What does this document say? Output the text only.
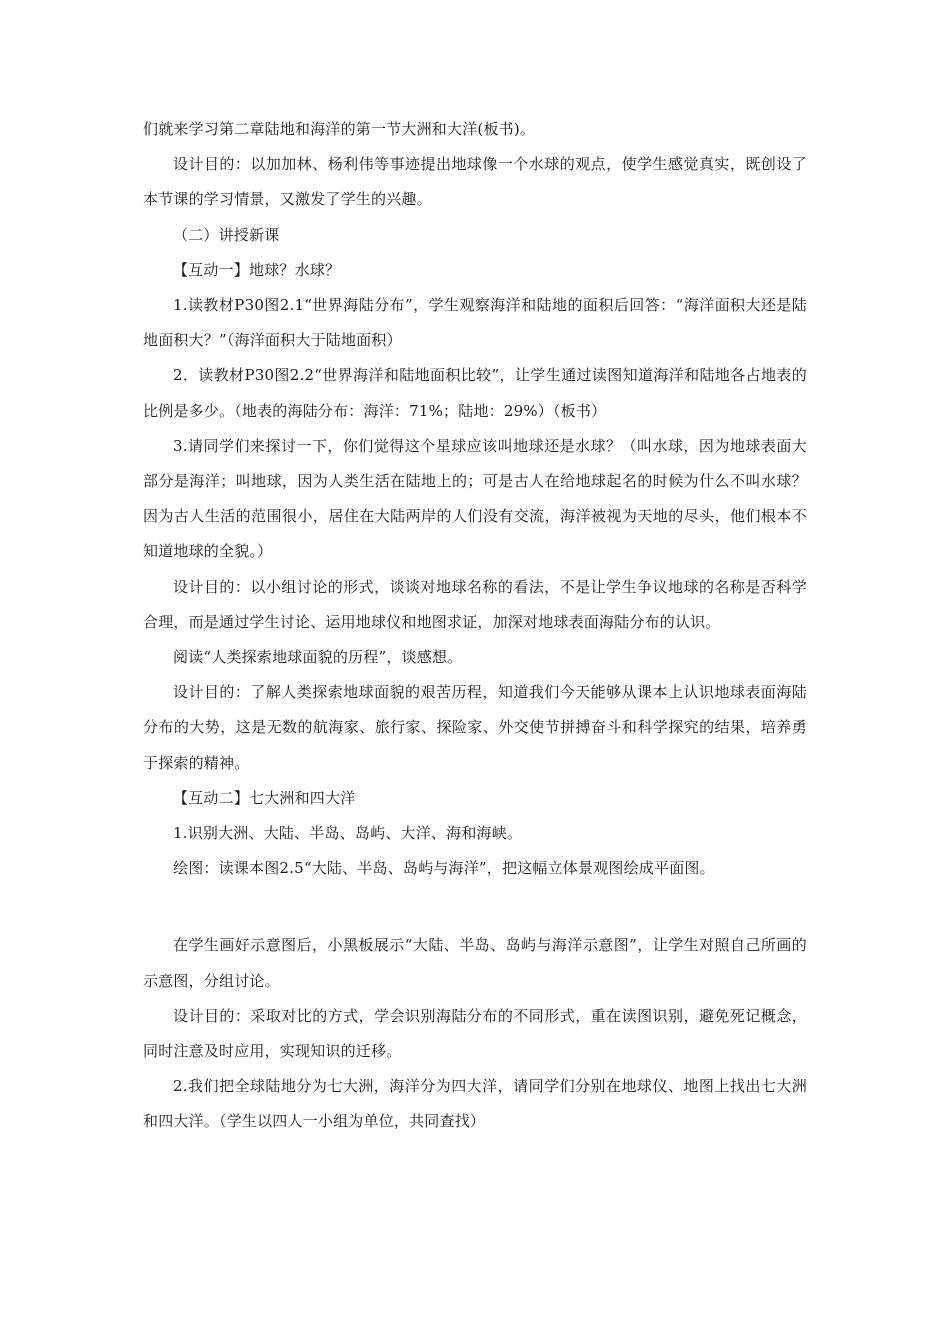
们就来学习第二章陆地和海洋的第一节大洲和大洋(板书)。

设计目的：以加加林、杨利伟等事迹提出地球像一个水球的观点，使学生感觉真实，既创设了本节课的学习情景，又激发了学生的兴趣。

（二）讲授新课

【互动一】地球？水球？

1.读教材P30图2.1“世界海陆分布”，学生观察海洋和陆地的面积后回答：“海洋面积大还是陆地面积大？”（海洋面积大于陆地面积）

2．读教材P30图2.2“世界海洋和陆地面积比较”，让学生通过读图知道海洋和陆地各占地表的比例是多少。（地表的海陆分布：海洋：71%；陆地：29%）（板书）

3.请同学们来探讨一下，你们觉得这个星球应该叫地球还是水球？（叫水球，因为地球表面大部分是海洋；叫地球，因为人类生活在陆地上的；可是古人在给地球起名的时候为什么不叫水球？因为古人生活的范围很小，居住在大陆两岸的人们没有交流，海洋被视为天地的尽头，他们根本不知道地球的全貌。）

设计目的：以小组讨论的形式，谈谈对地球名称的看法，不是让学生争议地球的名称是否科学合理，而是通过学生讨论、运用地球仪和地图求证，加深对地球表面海陆分布的认识。

阅读“人类探索地球面貌的历程”，谈感想。

设计目的：了解人类探索地球面貌的艰苦历程，知道我们今天能够从课本上认识地球表面海陆分布的大势，这是无数的航海家、旅行家、探险家、外交使节拼搏奋斗和科学探究的结果，培养勇于探索的精神。

【互动二】七大洲和四大洋

1.识别大洲、大陆、半岛、岛屿、大洋、海和海峡。

绘图：读课本图2.5“大陆、半岛、岛屿与海洋”，把这幅立体景观图绘成平面图。

在学生画好示意图后，小黑板展示“大陆、半岛、岛屿与海洋示意图”，让学生对照自己所画的示意图，分组讨论。

设计目的：采取对比的方式，学会识别海陆分布的不同形式，重在读图识别，避免死记概念，同时注意及时应用，实现知识的迁移。

2.我们把全球陆地分为七大洲，海洋分为四大洋，请同学们分别在地球仪、地图上找出七大洲和四大洋。（学生以四人一小组为单位，共同查找）
